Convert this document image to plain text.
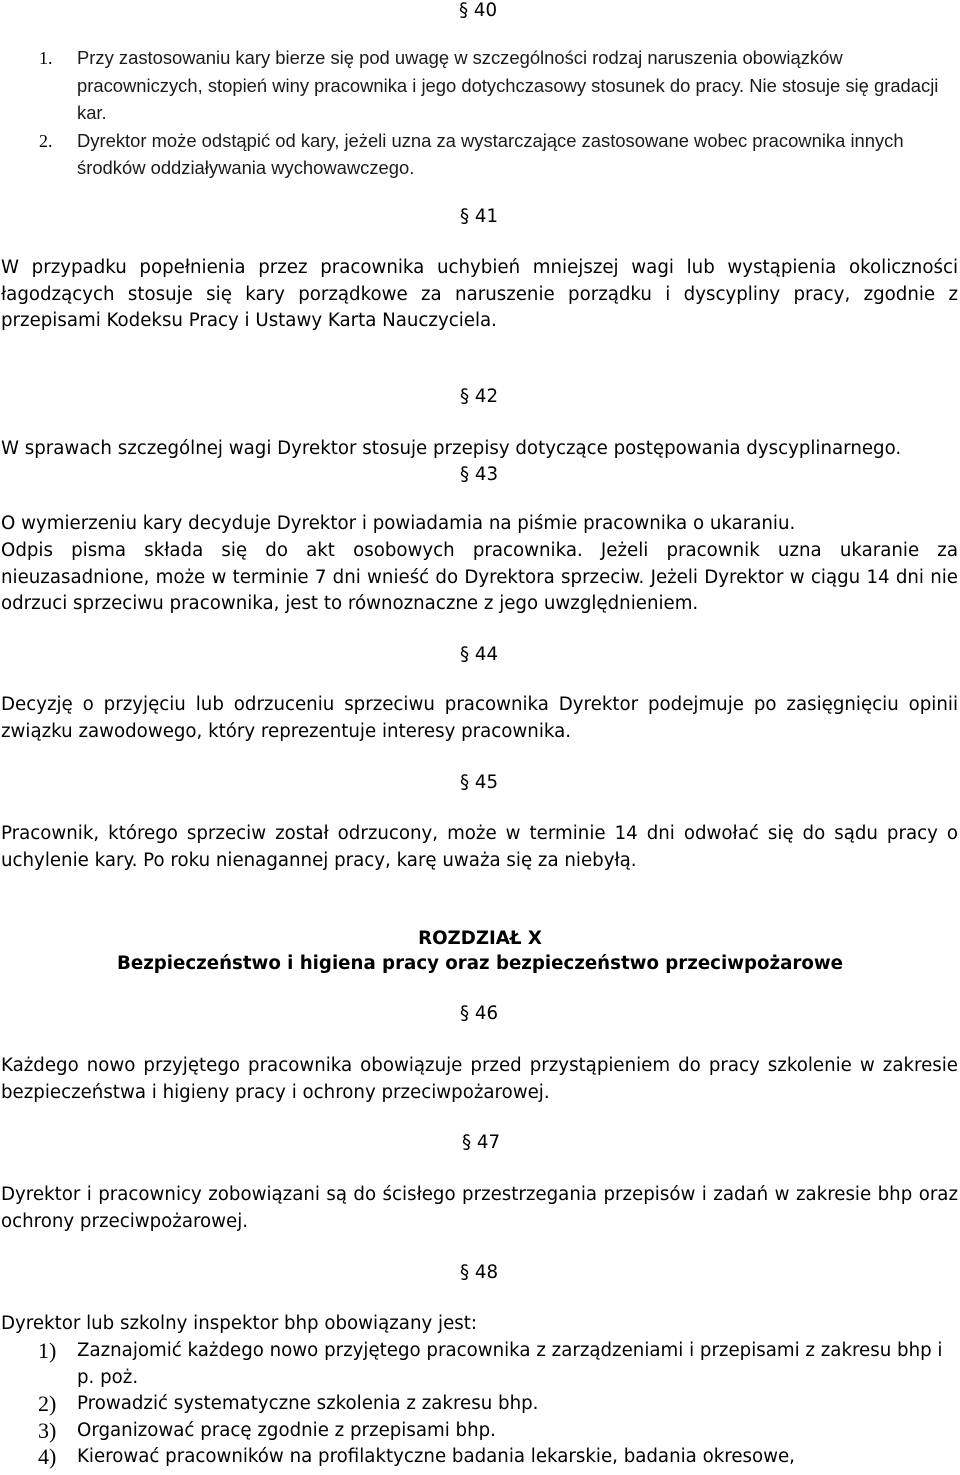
§ 40
1. Przy zastosowaniu kary bierze się pod uwagę w szczególności rodzaj naruszenia obowiązków pracowniczych, stopień winy pracownika i jego dotychczasowy stosunek do pracy. Nie stosuje się gradacji kar.
2. Dyrektor może odstąpić od kary, jeżeli uzna za wystarczające zastosowane wobec pracownika innych środków oddziaływania wychowawczego.
§ 41

W przypadku popełnienia przez pracownika uchybień mniejszej wagi lub wystąpienia okoliczności łagodzących stosuje się kary porządkowe za naruszenie porządku i dyscypliny pracy, zgodnie z przepisami Kodeksu Pracy i Ustawy Karta Nauczyciela.

§ 42

W sprawach szczególnej wagi Dyrektor stosuje przepisy dotyczące postępowania dyscyplinarnego.

§ 43

O wymierzeniu kary decyduje Dyrektor i powiadamia na piśmie pracownika o ukaraniu.

Odpis pisma składa się do akt osobowych pracownika. Jeżeli pracownik uzna ukaranie za nieuzasadnione, może w terminie 7 dni wnieść do Dyrektora sprzeciw. Jeżeli Dyrektor w ciągu 14 dni nie odrzuci sprzeciwu pracownika, jest to równoznaczne z jego uwzględnieniem.

§ 44

Decyzję o przyjęciu lub odrzuceniu sprzeciwu pracownika Dyrektor podejmuje po zasięgnięciu opinii związku zawodowego, który reprezentuje interesy pracownika.

§ 45

Pracownik, którego sprzeciw został odrzucony, może w terminie 14 dni odwołać się do sądu pracy o uchylenie kary. Po roku nienagannej pracy, karę uważa się za niebyłą.

ROZDZIAŁ X

Bezpieczeństwo i higiena pracy oraz bezpieczeństwo przeciwpożarowe

§ 46

Każdego nowo przyjętego pracownika obowiązuje przed przystąpieniem do pracy szkolenie w zakresie bezpieczeństwa i higieny pracy i ochrony przeciwpożarowej.

§ 47

Dyrektor i pracownicy zobowiązani są do ścisłego przestrzegania przepisów i zadań w zakresie bhp oraz ochrony przeciwpożarowej.

§ 48

Dyrektor lub szkolny inspektor bhp obowiązany jest:

1) Zaznajomić każdego nowo przyjętego pracownika z zarządzeniami i przepisami z zakresu bhp i p. poż.
2) Prowadzić systematyczne szkolenia z zakresu bhp.
3) Organizować pracę zgodnie z przepisami bhp.
4) Kierować pracowników na profilaktyczne badania lekarskie, badania okresowe,
